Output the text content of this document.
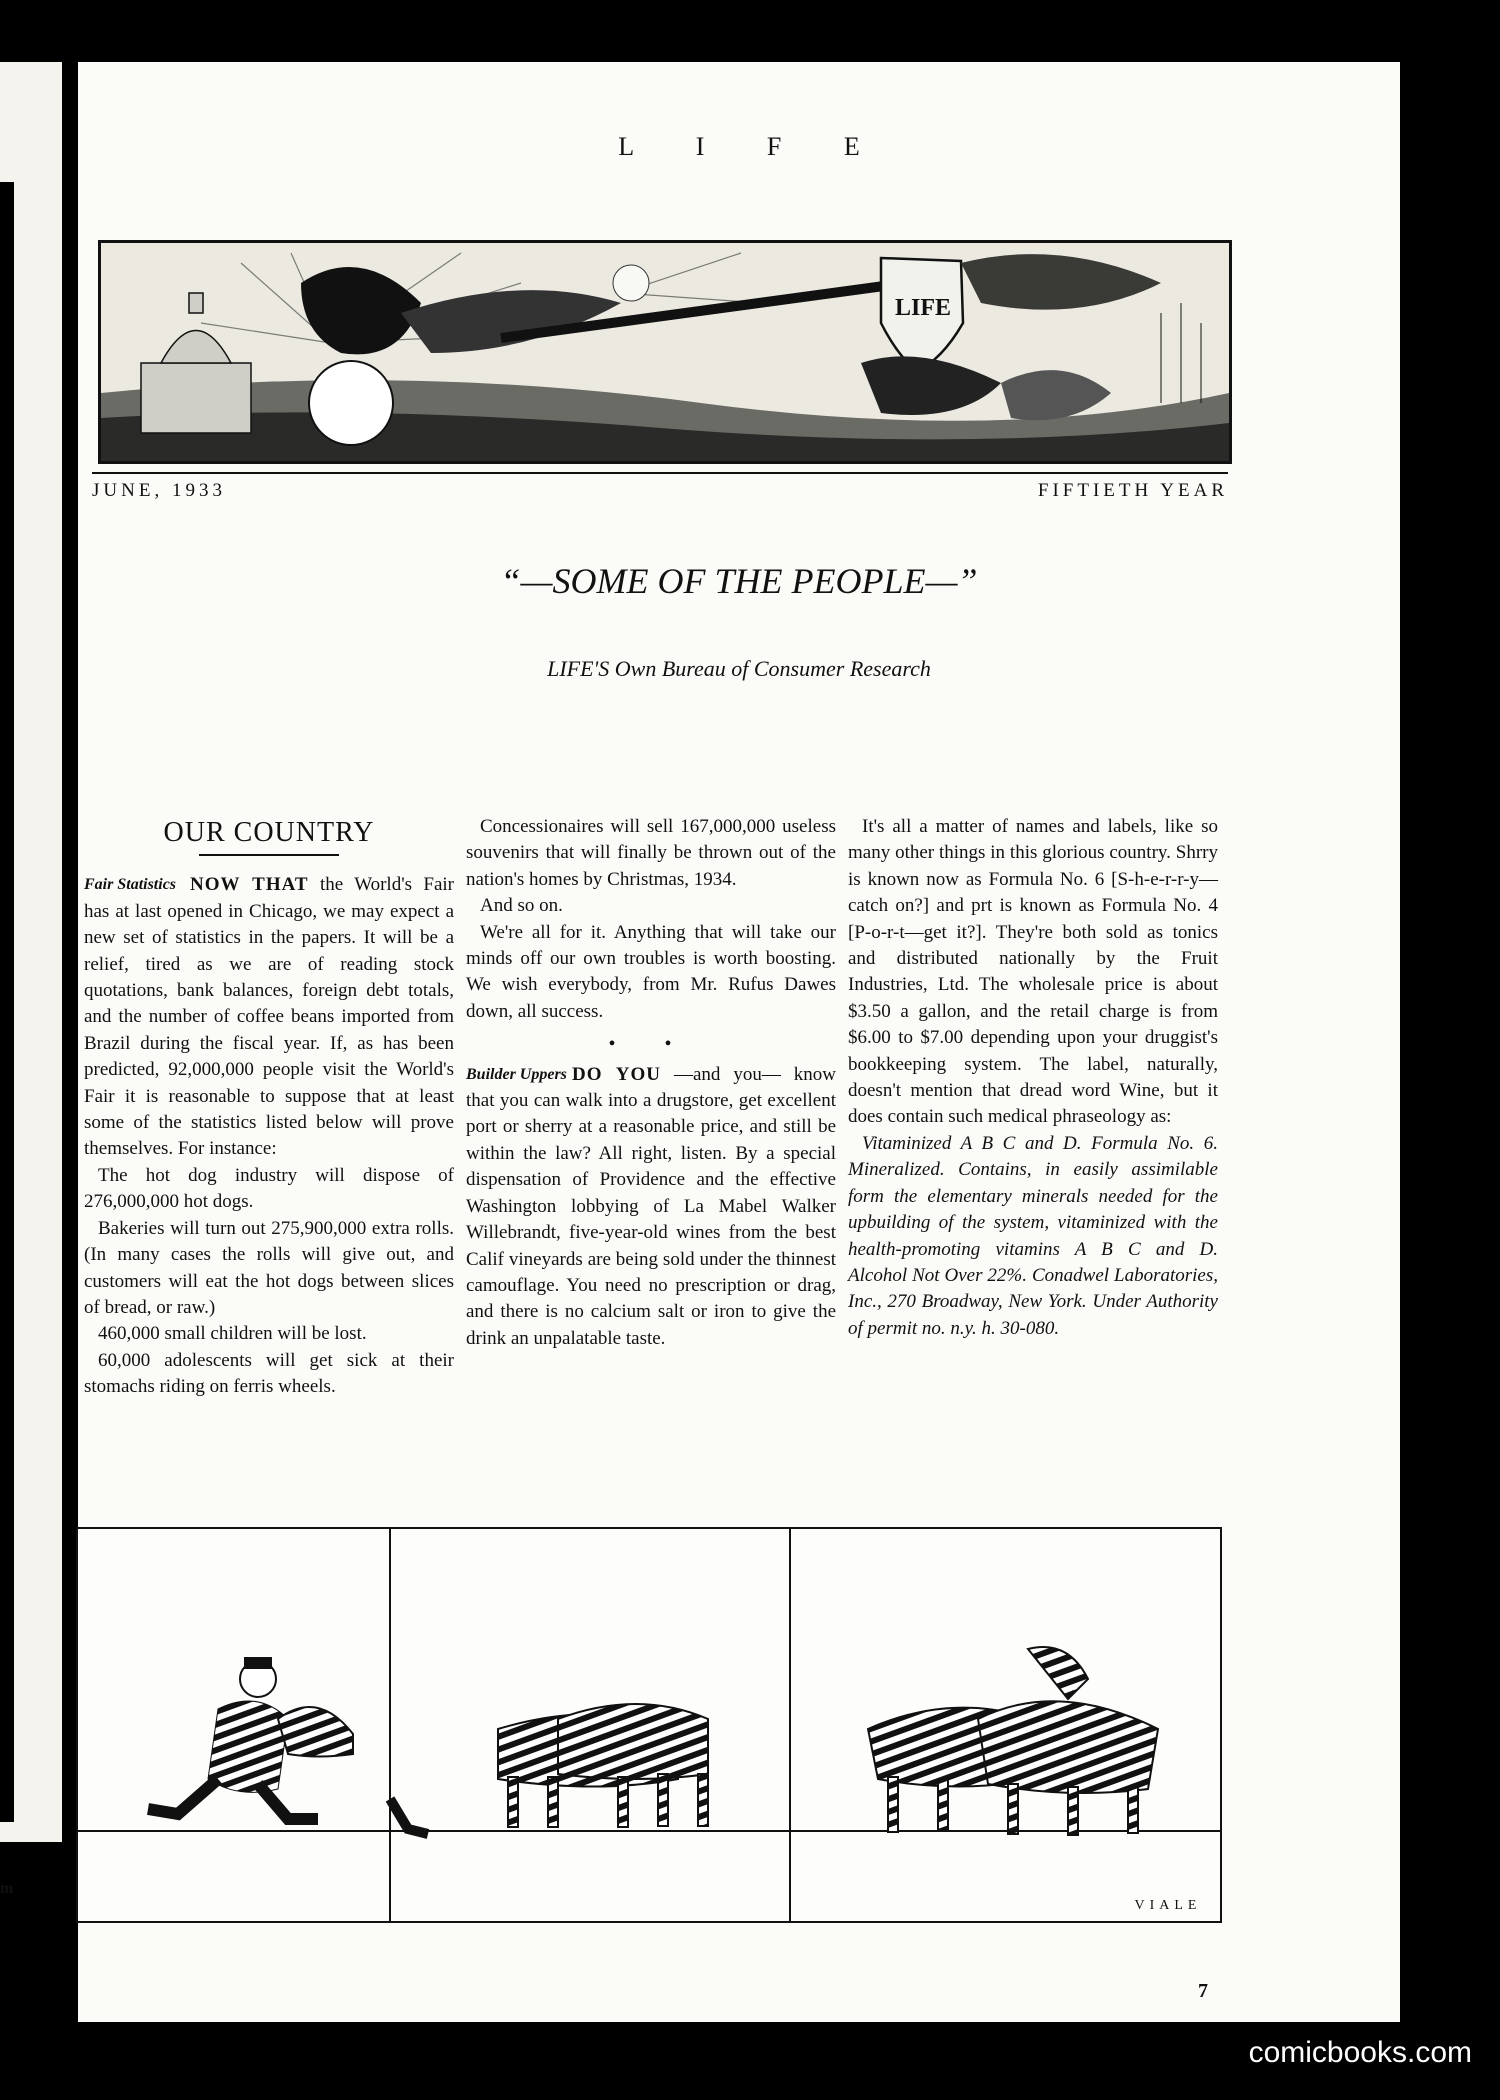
m
L I F E
LIFE
JUNE, 1933	FIFTIETH YEAR
“—SOME OF THE PEOPLE—”
LIFE'S Own Bureau of Consumer Research
OUR COUNTRY
Fair Statistics NOW THAT the World's Fair has at last opened in Chicago, we may expect a new set of statistics in the papers. It will be a relief, tired as we are of reading stock quotations, bank balances, foreign debt totals, and the number of coffee beans imported from Brazil during the fiscal year. If, as has been predicted, 92,000,000 people visit the World's Fair it is reasonable to suppose that at least some of the statistics listed below will prove themselves. For instance:

The hot dog industry will dispose of 276,000,000 hot dogs.

Bakeries will turn out 275,900,000 extra rolls. (In many cases the rolls will give out, and customers will eat the hot dogs between slices of bread, or raw.)

460,000 small children will be lost.

60,000 adolescents will get sick at their stomachs riding on ferris wheels.

Concessionaires will sell 167,000,000 useless souvenirs that will finally be thrown out of the nation's homes by Christmas, 1934.

And so on.

We're all for it. Anything that will take our minds off our own troubles is worth boosting. We wish everybody, from Mr. Rufus Dawes down, all success.

• •
Builder Uppers DO YOU —and you— know that you can walk into a drugstore, get excellent port or sherry at a reasonable price, and still be within the law? All right, listen. By a special dispensation of Providence and the effective Washington lobbying of La Mabel Walker Willebrandt, five-year-old wines from the best Calif vineyards are being sold under the thinnest camouflage. You need no prescription or drag, and there is no calcium salt or iron to give the drink an unpalatable taste.

It's all a matter of names and labels, like so many other things in this glorious country. Shrry is known now as Formula No. 6 [S-h-e-r-r-y—catch on?] and prt is known as Formula No. 4 [P-o-r-t—get it?]. They're both sold as tonics and distributed nationally by the Fruit Industries, Ltd. The wholesale price is about $3.50 a gallon, and the retail charge is from $6.00 to $7.00 depending upon your druggist's bookkeeping system. The label, naturally, doesn't mention that dread word Wine, but it does contain such medical phraseology as:

Vitaminized A B C and D. Formula No. 6. Mineralized. Contains, in easily assimilable form the elementary minerals needed for the upbuilding of the system, vitaminized with the health-promoting vitamins A B C and D. Alcohol Not Over 22%. Conadwel Laboratories, Inc., 270 Broadway, New York. Under Authority of permit no. n.y. h. 30-080.

VIALE
7
comicbooks.com
